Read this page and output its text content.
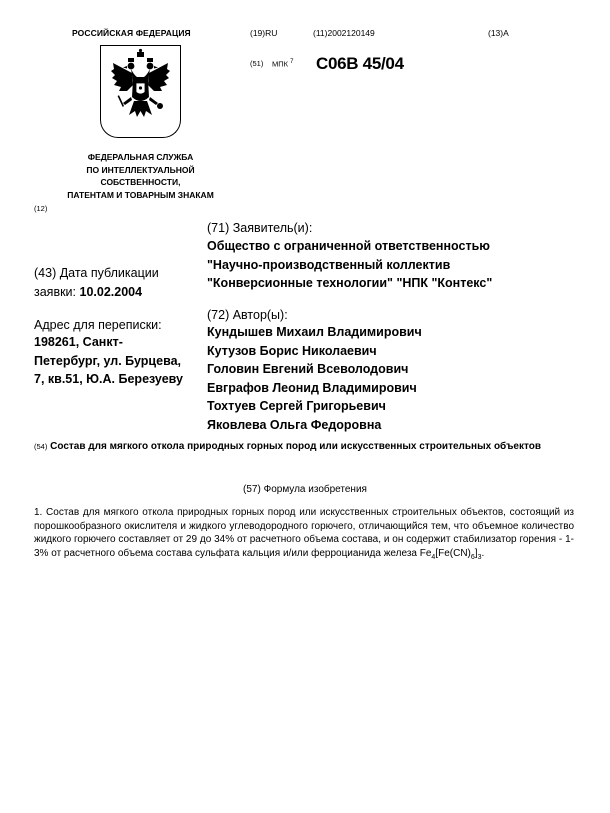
РОССИЙСКАЯ ФЕДЕРАЦИЯ	(19)RU	(11)2002120149	(13)A
(51) МПК $^7$ C06B 45/04
ФЕДЕРАЛЬНАЯ СЛУЖБА
ПО ИНТЕЛЛЕКТУАЛЬНОЙ
СОБСТВЕННОСТИ,
ПАТЕНТАМ И ТОВАРНЫМ ЗНАКАМ
(12)
(71) Заявитель(и):
Общество с ограниченной ответственностью
"Научно-производственный коллектив
"Конверсионные технологии" "НПК "Контекс"
(43) Дата публикации
заявки: 10.02.2004
Адрес для переписки:
198261, Санкт-
Петербург, ул. Бурцева,
7, кв.51, Ю.А. Березуеву
(72) Автор(ы):
Кундышев Михаил Владимирович
Кутузов Борис Николаевич
Головин Евгений Всеволодович
Евграфов Леонид Владимирович
Тохтуев Сергей Григорьевич
Яковлева Ольга Федоровна
(54) Состав для мягкого откола природных горных пород или искусственных строительных объектов
(57) Формула изобретения
1. Состав для мягкого откола природных горных пород или искусственных строительных объектов, состоящий из порошкообразного окислителя и жидкого углеводородного горючего, отличающийся тем, что объемное количество жидкого горючего составляет от 29 до 34% от расчетного объема состава, и он содержит стабилизатор горения - 1-3% от расчетного объема состава сульфата кальция и/или ферроцианида железа $Fe_4[Fe(CN)_6]_3$.
